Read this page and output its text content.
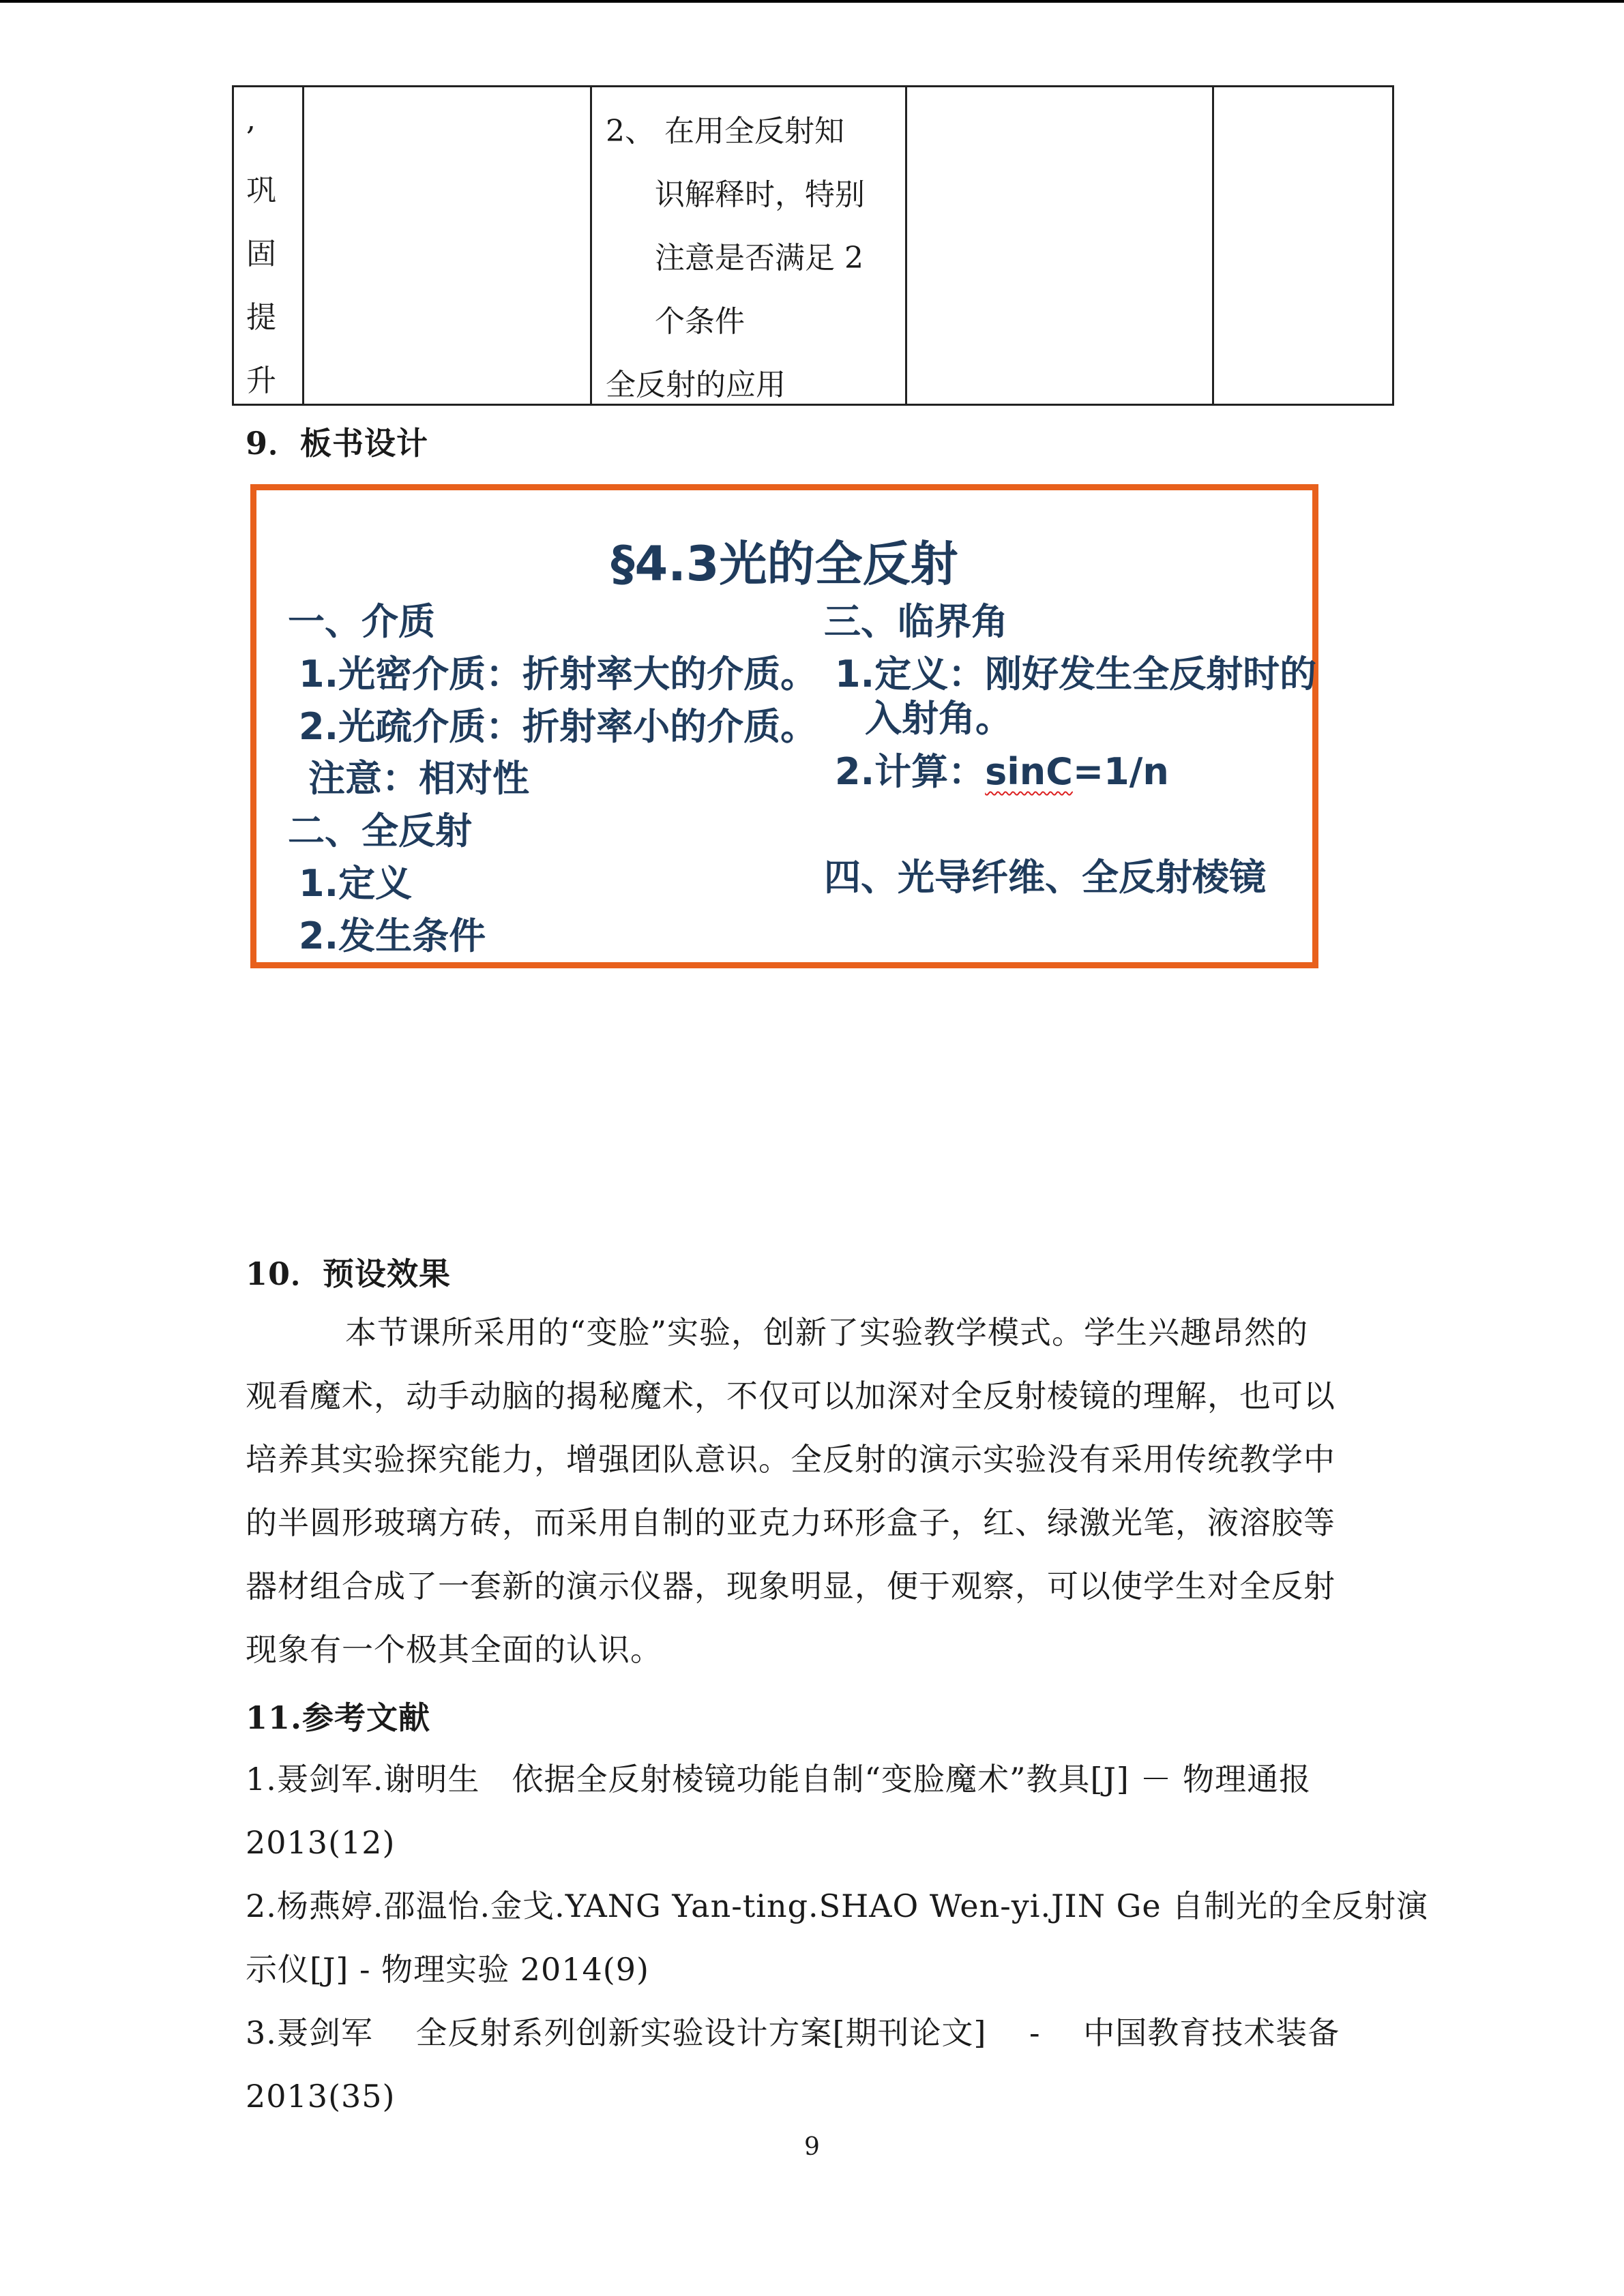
,
巩
固
提
升
2、 在用全反射知
识解释时，特别
注意是否满足 2
个条件
全反射的应用
9．板书设计
§4.3光的全反射
一、介质
1.光密介质：折射率大的介质。
2.光疏介质：折射率小的介质。
注意：相对性
二、全反射
1.定义
2.发生条件
三、临界角
1.定义：刚好发生全反射时的
入射角。
2.计算：sinC=1/n
四、光导纤维、全反射棱镜
10．预设效果
本节课所采用的“变脸”实验，创新了实验教学模式。学生兴趣昂然的
观看魔术，动手动脑的揭秘魔术，不仅可以加深对全反射棱镜的理解，也可以
培养其实验探究能力，增强团队意识。全反射的演示实验没有采用传统教学中
的半圆形玻璃方砖，而采用自制的亚克力环形盒子，红、绿激光笔，液溶胶等
器材组合成了一套新的演示仪器，现象明显，便于观察，可以使学生对全反射
现象有一个极其全面的认识。
11.参考文献
1.聂剑军.谢明生　依据全反射棱镜功能自制“变脸魔术”教具[J] － 物理通报
2013(12)
2.杨燕婷.邵温怡.金戈.YANG Yan-ting.SHAO Wen-yi.JIN Ge 自制光的全反射演
示仪[J] - 物理实验 2014(9)
3.聂剑军　 全反射系列创新实验设计方案[期刊论文]　 -　 中国教育技术装备
2013(35)
9
